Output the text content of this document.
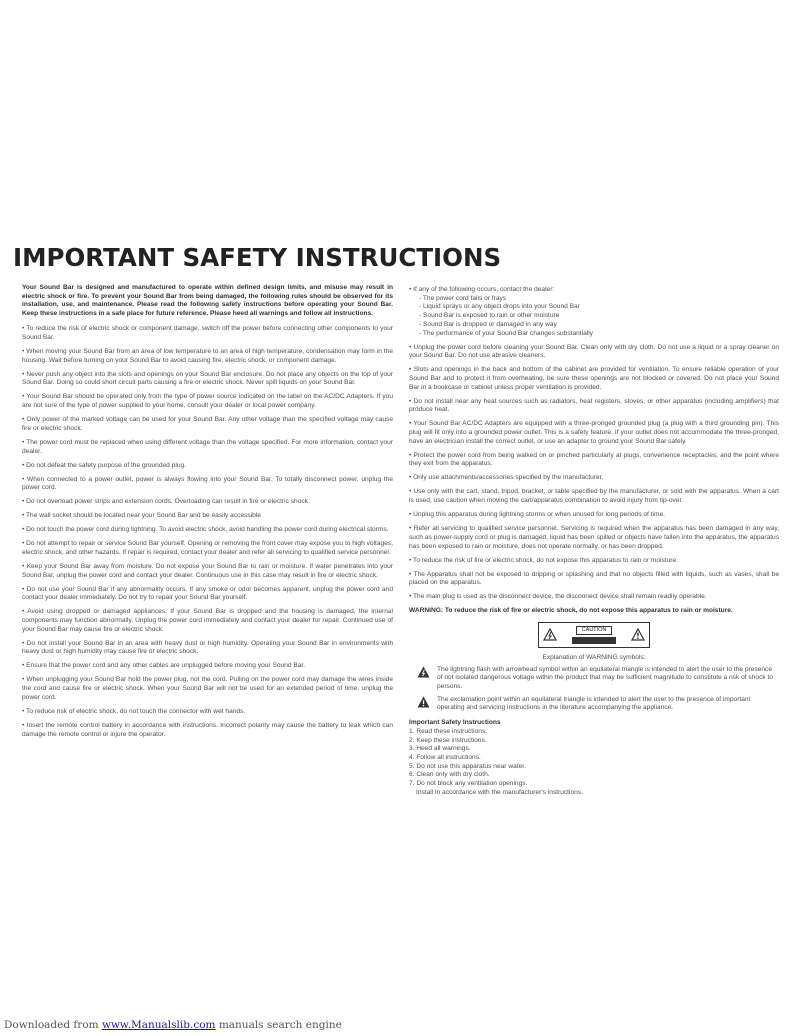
IMPORTANT SAFETY INSTRUCTIONS

Your Sound Bar is designed and manufactured to operate within defined design limits, and misuse may result in electric shock or fire. To prevent your Sound Bar from being damaged, the following rules should be observed for its installation, use, and maintenance. Please read the following safety instructions before operating your Sound Bar. Keep these instructions in a safe place for future reference. Please heed all warnings and follow all instructions.

• To reduce the risk of electric shock or component damage, switch off the power before connecting other components to your Sound Bar.

• When moving your Sound Bar from an area of low temperature to an area of high temperature, condensation may form in the housing. Wait before turning on your Sound Bar to avoid causing fire, electric shock, or component damage.

• Never push any object into the slots and openings on your Sound Bar enclosure. Do not place any objects on the top of your Sound Bar. Doing so could short circuit parts causing a fire or electric shock. Never spill liquids on your Sound Bar.

• Your Sound Bar should be operated only from the type of power source indicated on the label on the AC/DC Adapters. If you are not sure of the type of power supplied to your home, consult your dealer or local power company.

• Only power of the marked voltage can be used for your Sound Bar. Any other voltage than the specified voltage may cause fire or electric shock.

• The power cord must be replaced when using different voltage than the voltage specified. For more information, contact your dealer.

• Do not defeat the safety purpose of the grounded plug.

• When connected to a power outlet, power is always flowing into your Sound Bar. To totally disconnect power, unplug the power cord.

• Do not overload power strips and extension cords. Overloading can result in fire or electric shock.

• The wall socket should be located near your Sound Bar and be easily accessible

• Do not touch the power cord during lightning. To avoid electric shock, avoid handling the power cord during electrical storms.

• Do not attempt to repair or service Sound Bar yourself. Opening or removing the front cover may expose you to high voltages, electric shock, and other hazards. If repair is required, contact your dealer and refer all servicing to qualified service personnel.

• Keep your Sound Bar away from moisture. Do not expose your Sound Bar to rain or moisture. If water penetrates into your Sound Bar, unplug the power cord and contact your dealer. Continuous use in this case may result in fire or electric shock.

• Do not use your Sound Bar if any abnormality occurs. If any smoke or odor becomes apparent, unplug the power cord and contact your dealer immediately. Do not try to repair your Sound Bar yourself.

• Avoid using dropped or damaged appliances. If your Sound Bar is dropped and the housing is damaged, the internal components may function abnormally. Unplug the power cord immediately and contact your dealer for repair. Continued use of your Sound Bar may cause fire or electric shock.

• Do not install your Sound Bar in an area with heavy dust or high humidity. Operating your Sound Bar in environments with heavy dust or high humidity may cause fire or electric shock.

• Ensure that the power cord and any other cables are unplugged before moving your Sound Bar.

• When unplugging your Sound Bar hold the power plug, not the cord. Pulling on the power cord may damage the wires inside the cord and cause fire or electric shock. When your Sound Bar will not be used for an extended period of time, unplug the power cord.

• To reduce risk of electric shock, do not touch the connector with wet hands.

• Insert the remote control battery in accordance with instructions. Incorrect polarity may cause the battery to leak which can damage the remote control or injure the operator.

• If any of the following occurs, contact the dealer:

- The power cord fails or frays

- Liquid sprays or any object drops into your Sound Bar

- Sound Bar is exposed to rain or other moisture

- Sound Bar is dropped or damaged in any way

- The performance of your Sound Bar changes substantially

• Unplug the power cord before cleaning your Sound Bar. Clean only with dry cloth. Do not use a liquid or a spray cleaner on your Sound Bar. Do not use abrasive cleaners.

• Slots and openings in the back and bottom of the cabinet are provided for ventilation. To ensure reliable operation of your Sound Bar and to protect it from overheating, be sure these openings are not blocked or covered. Do not place your Sound Bar in a bookcase or cabinet unless proper ventilation is provided.

• Do not install near any heat sources such as radiators, heat registers, stoves, or other apparatus (including amplifiers) that produce heat.

• Your Sound Bar AC/DC Adapters are equipped with a three-pronged grounded plug (a plug with a third grounding pin). This plug will fit only into a grounded power outlet. This is a safety feature. If your outlet does not accommodate the three-pronged, have an electrician install the correct outlet, or use an adapter to ground your Sound Bar safely.

• Protect the power cord from being walked on or pinched particularly at plugs, convenience receptacles, and the point where they exit from the apparatus.

• Only use attachments/accessories specified by the manufacturer.

• Use only with the cart, stand, tripod, bracket, or table specified by the manufacturer, or sold with the apparatus. When a cart is used, use caution when moving the cart/apparatus combination to avoid injury from tip-over.

• Unplug this apparatus during lightning storms or when unused for long periods of time.

• Refer all servicing to qualified service personnel. Servicing is required when the apparatus has been damaged in any way, such as power-supply cord or plug is damaged, liquid has been spilled or objects have fallen into the apparatus, the apparatus has been exposed to rain or moisture, does not operate normally, or has been dropped.

• To reduce the risk of fire or electric shock, do not expose this apparatus to rain or moisture.

• The Apparatus shall not be exposed to dripping or splashing and that no objects filled with liquids, such as vases, shall be placed on the apparatus.

• The main plug is used as the disconnect device, the disconnect device shall remain readily operable.

WARNING: To reduce the risk of fire or electric shock, do not expose this apparatus to rain or moisture.

CAUTION

Explanation of WARNING symbols:

The lightning flash with arrowhead symbol within an equilateral triangle is intended to alert the user to the presence of not isolated dangerous voltage within the product that may be sufficient magnitude to constitute a risk of shock to persons.
The exclamation point within an equilateral triangle is intended to alert the user to the presence of important operating and servicing instructions in the literature accompanying the appliance.

Important Safety Instructions

1. Read these instructions.

2. Keep these instructions.

3. Heed all warnings.

4. Follow all instructions.

5. Do not use this apparatus near water.

6. Clean only with dry cloth.

7. Do not block any ventilation openings.

Install in accordance with the manufacturer's instructions.

Downloaded from www.Manualslib.com manuals search engine
